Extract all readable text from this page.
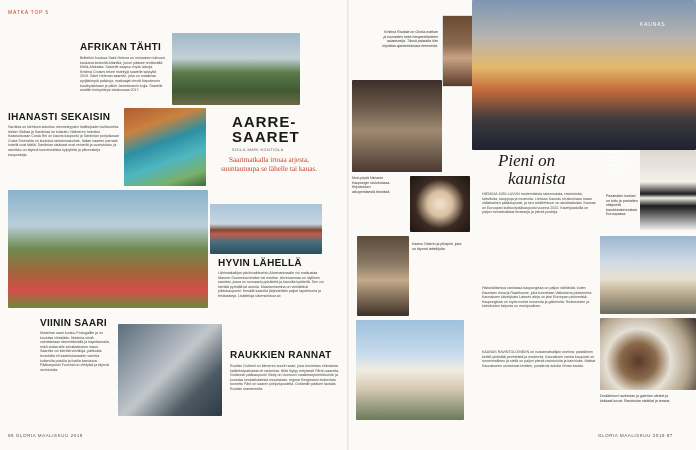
MATKA TOP 5
AFRIKAN TÄHTI
Britteihin kuuluva Saint Helena on muinainen tulivuori, kaukana keskellä Atlanttia, jonne pääsee lentämällä Etelä-Afrikasta. Saarelle saapuu myös laivoja. Kristina Cruises tekee risteilyjä saarelle syksyllä 2019. Saint Helenan saarelle, joka on maailman syrjäisimpiä paikkoja, matkaajat vievät Napoleonin kuolinpaikkaan ja pitkin Jamestownin kujia. Saarelle avattiin lentoyhteys lokakuussa 2017.
IHANASTI SEKAISIN
Sardinia on kiehtova sekoitus menneisyyden hallitsijoiden kulttuureita. Italian Sisiliaa ja Sardiniaa on kutsuttu Välimeren helmiksi. Kaakkoisosan Costa Rei on kaunis kaupunki ja Sardinian pohjoisosan Costa Smeralda on kuuluisa rantalomakohde. Italian saarten parhaat hotellit ovat täällä. Sardinian sisäosat ovat vehreitä ja vuoristoisia, ja rannikko on täynnä tunnelmallisia kylpylöitä ja pittoreskeja kaupunkeja.
AARRE-
SAARET
SOILA-MARI KONTIOLA
Saarimatkalla irtoaa arjesta, suuntautuupa se lähelle tai kauas.
VIININ SAARI
Madeiran saari kuuluu Portugalille ja on kuuluisa viinistään. Madeira-viiniä valmistetaan lämmittämällä ja hapettamalla, mikä antaa sille ainutlaatuisen maun. Saarella voi kiertää viinitiloja, patikoida levadoilla eli kastelukanavien varrella kulkevilla poluilla ja ihailla kasvistoa. Pääkaupunki Funchal on viihtyisä ja täynnä ravintoloita.
HYVIN LÄHELLÄ
Lähimatkailijan ykkösvaihtoehto Ahvenanmaalle voi matkustaa Manner-Suomesta lentäen tai meritse. Ahvenanmaa on idyllinen saaristo, jossa on runsaasti pyöräteitä ja kauniita kyläteitä. Sen voi kiertää pyörällä tai autolla. Maarianhamina on viehättävä pikkukaupunki. Kesällä saarella järjestetään paljon tapahtumia ja festivaaleja. Lisätietoja silversinktour.ax
RAUKKIEN RANNAT
Ruotsin Gotlanti on Itämeren suurin saari, joka tunnetaan erikoisista kalkkikivipatsaista eli raukeista. Niitä löytyy erityisesti Fårön saarelta. Gotlannin pääkaupunki Visby on Unescon maailmanperintökohde ja kuuluisa keskiaikaisesta muuristaan. Ingmar Bergmanin elokuvista tunnettu Fårö on saaren pohjoispuolella. Gotlantiin pääsee lautalla Ruotsin mantereelta.
86 GLORIA MAALISKUU 2019
Kristina Rautala on Gloria-matkan ja lounaiden sekä hengentilanteen asiantuntija. Tässä palstalla hän kirjoittaa ajankohtaisista teemoista.
Mori-pöytä Nimanin Kaupungin ravintolassa. Kirjoituksen alkuperäisestä tekstistä.
Kasino Galerin ja pihapiiri, joka on täynnä taiteilijoita.
KAUNAS
Pieni on
kaunista
HIENOJA 1930-LUVUN modernistisia rakennuksia, ravintoloita, kahviloita, kauppoja ja museoita. Liettuan Kaunas oli aikoinaan maan väliaikainen pääkaupunki, ja sen arkkitehtuuri on ainutlaatuista. Kaunas on Euroopan kulttuuripääkaupunki vuonna 2022. Kävelykaduilla on paljon tunnelmallisia terasseja ja pieniä puoteja.
Historiallisessa vanhassa kaupungissa on paljon nähtävää, kuten Kaunasin linna ja Raatihuone, joka tunnetaan Valkoisena joutsenena. Kaunaksen kävelykatu Laisvės alėja on yksi Euroopan pisimmistä. Kaupungissa on myös monia museoita ja gallerioita. Restoranien ja kahviloiden tarjonta on monipuolinen.
KAUNAS RAVINTOLOINEEN on ruokamatkailijan unelma: paikallinen keittiö yhdistää perinteistä ja modernia. Kaunaksen vanha kaupunki on tunnelmallinen ja siellä on paljon pieniä ravintoloita ja kahviloita. Matkat Kaunakseen onnistuvat lentäen, junalla tai autolla Vilnan kautta.
Kaunas Pilkausdistrikt historiallinen valmistettu. Kuvat vanha ja uusi Europa.
Pazaislisin luostari on tuttu ja parhaiten säilyneitä barokkirakennuksia Euroopassa.
Drukkinkovi ravintolan ja galerian väriset ja kirkkaat kuvat. Ravintolan sisätilat ja terassi.
GLORIA MAALISKUU 2019 87
